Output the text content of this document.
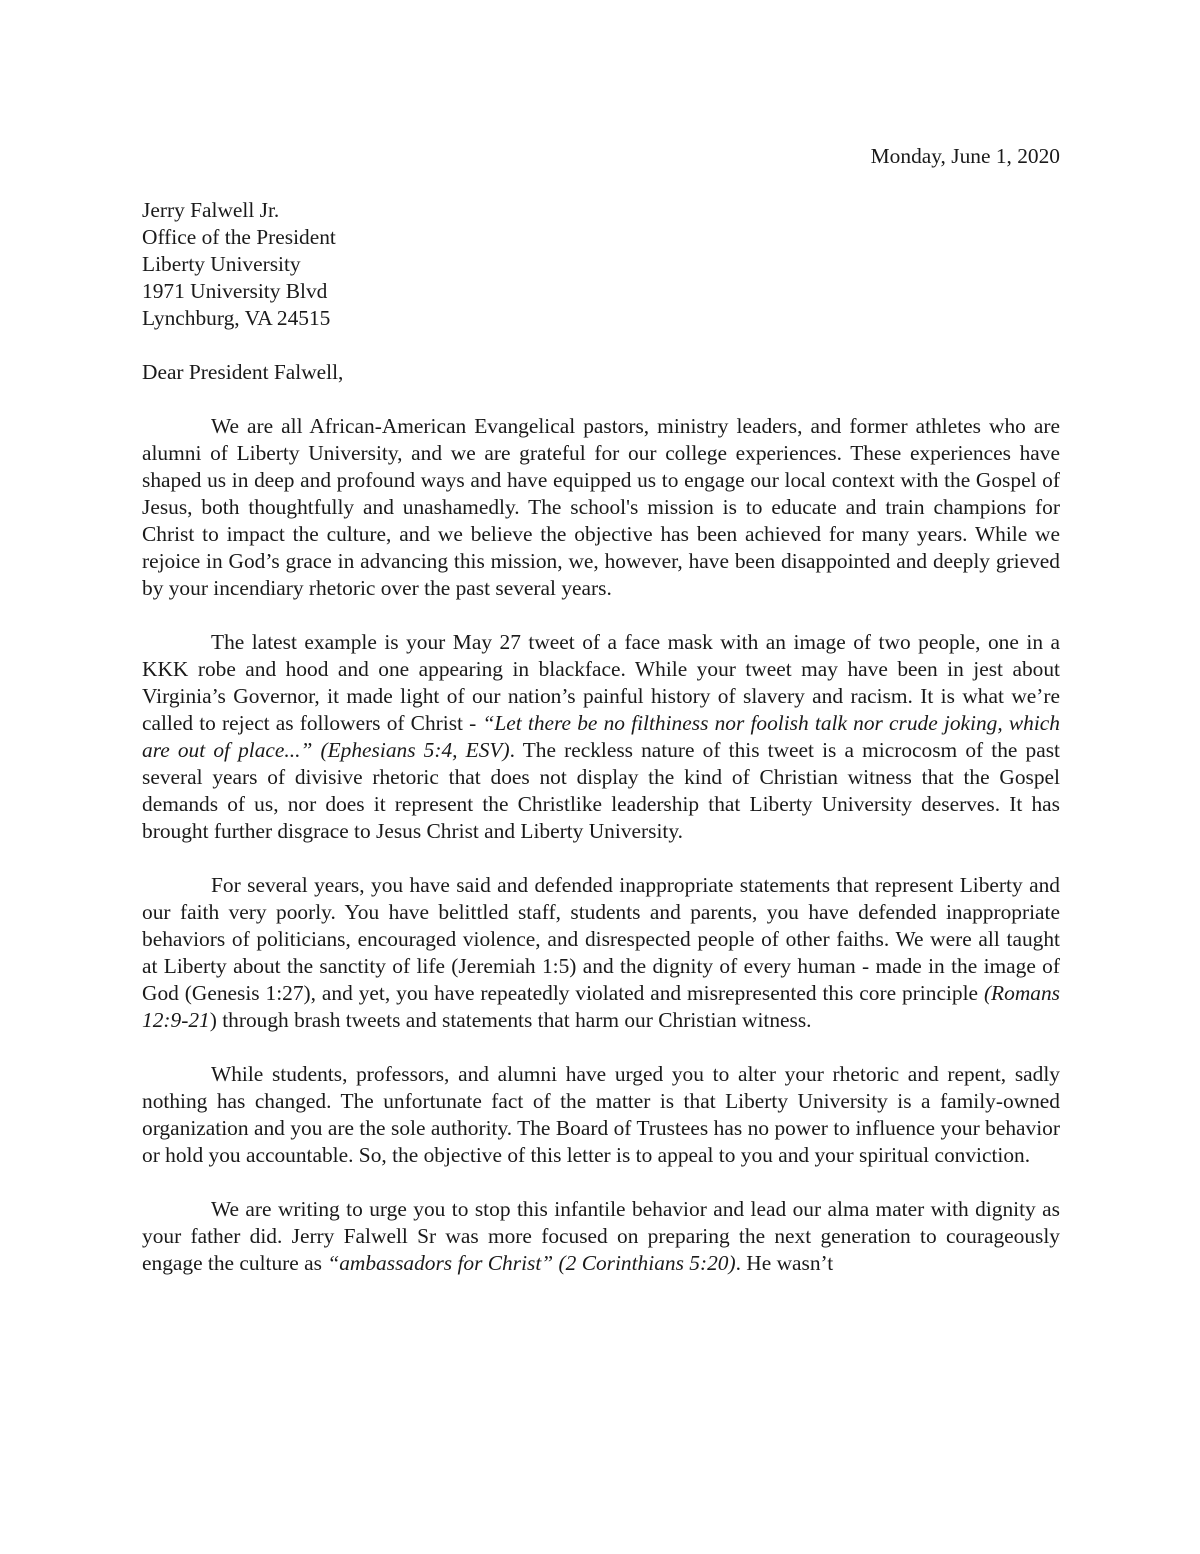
Monday, June 1, 2020
Jerry Falwell Jr.
Office of the President
Liberty University
1971 University Blvd
Lynchburg, VA 24515
Dear President Falwell,

We are all African-American Evangelical pastors, ministry leaders, and former athletes who are alumni of Liberty University, and we are grateful for our college experiences. These experiences have shaped us in deep and profound ways and have equipped us to engage our local context with the Gospel of Jesus, both thoughtfully and unashamedly. The school's mission is to educate and train champions for Christ to impact the culture, and we believe the objective has been achieved for many years. While we rejoice in God’s grace in advancing this mission, we, however, have been disappointed and deeply grieved by your incendiary rhetoric over the past several years.

The latest example is your May 27 tweet of a face mask with an image of two people, one in a KKK robe and hood and one appearing in blackface. While your tweet may have been in jest about Virginia’s Governor, it made light of our nation’s painful history of slavery and racism. It is what we’re called to reject as followers of Christ - “Let there be no filthiness nor foolish talk nor crude joking, which are out of place...” (Ephesians 5:4, ESV). The reckless nature of this tweet is a microcosm of the past several years of divisive rhetoric that does not display the kind of Christian witness that the Gospel demands of us, nor does it represent the Christlike leadership that Liberty University deserves. It has brought further disgrace to Jesus Christ and Liberty University.

For several years, you have said and defended inappropriate statements that represent Liberty and our faith very poorly. You have belittled staff, students and parents, you have defended inappropriate behaviors of politicians, encouraged violence, and disrespected people of other faiths. We were all taught at Liberty about the sanctity of life (Jeremiah 1:5) and the dignity of every human - made in the image of God (Genesis 1:27), and yet, you have repeatedly violated and misrepresented this core principle (Romans 12:9-21) through brash tweets and statements that harm our Christian witness.

While students, professors, and alumni have urged you to alter your rhetoric and repent, sadly nothing has changed. The unfortunate fact of the matter is that Liberty University is a family-owned organization and you are the sole authority. The Board of Trustees has no power to influence your behavior or hold you accountable. So, the objective of this letter is to appeal to you and your spiritual conviction.

We are writing to urge you to stop this infantile behavior and lead our alma mater with dignity as your father did. Jerry Falwell Sr was more focused on preparing the next generation to courageously engage the culture as “ambassadors for Christ” (2 Corinthians 5:20). He wasn’t
